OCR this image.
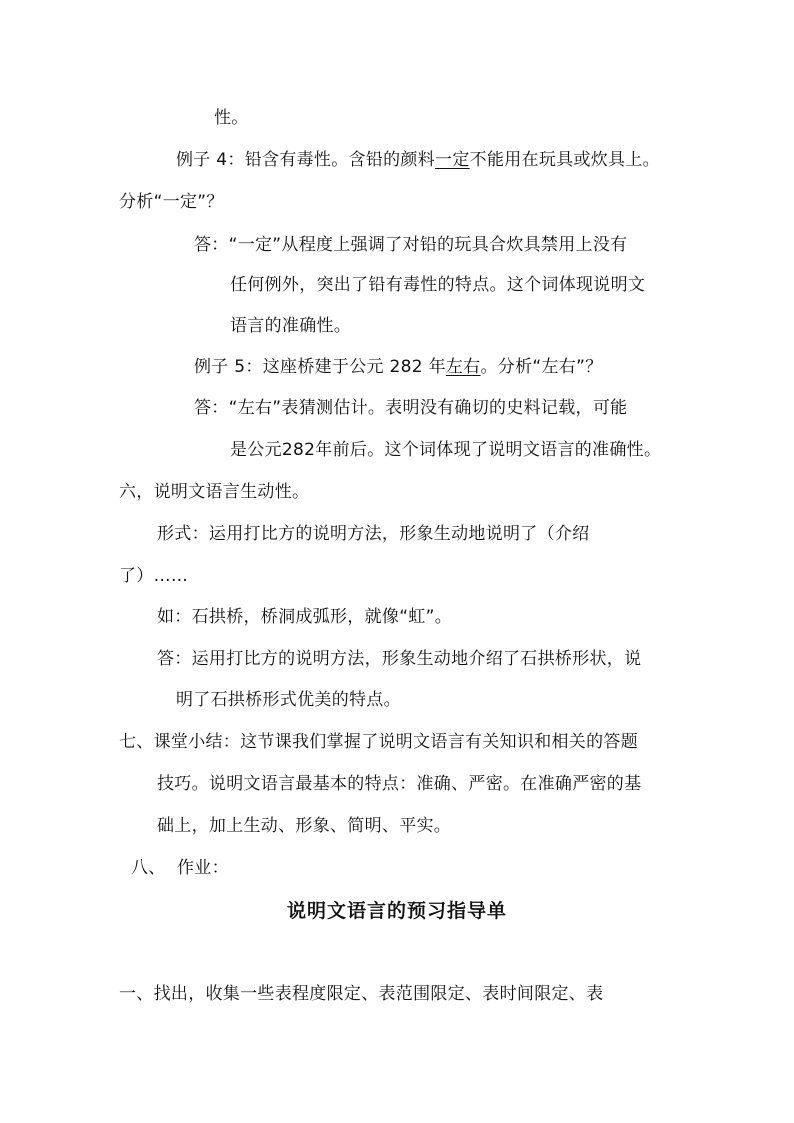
性。
例子 4：铅含有毒性。含铅的颜料一定不能用在玩具或炊具上。
分析“一定”？
答：“一定”从程度上强调了对铅的玩具合炊具禁用上没有
任何例外，突出了铅有毒性的特点。这个词体现说明文
语言的准确性。
例子 5：这座桥建于公元 282 年左右。分析“左右”？
答：“左右”表猜测估计。表明没有确切的史料记载，可能
是公元282年前后。这个词体现了说明文语言的准确性。
六，说明文语言生动性。
形式：运用打比方的说明方法，形象生动地说明了（介绍
了）……
如：石拱桥，桥洞成弧形，就像“虹”。
答：运用打比方的说明方法，形象生动地介绍了石拱桥形状，说
明了石拱桥形式优美的特点。
七、课堂小结：这节课我们掌握了说明文语言有关知识和相关的答题
技巧。说明文语言最基本的特点：准确、严密。在准确严密的基
础上，加上生动、形象、简明、平实。
八、  作业：
说明文语言的预习指导单
一、找出，收集一些表程度限定、表范围限定、表时间限定、表
